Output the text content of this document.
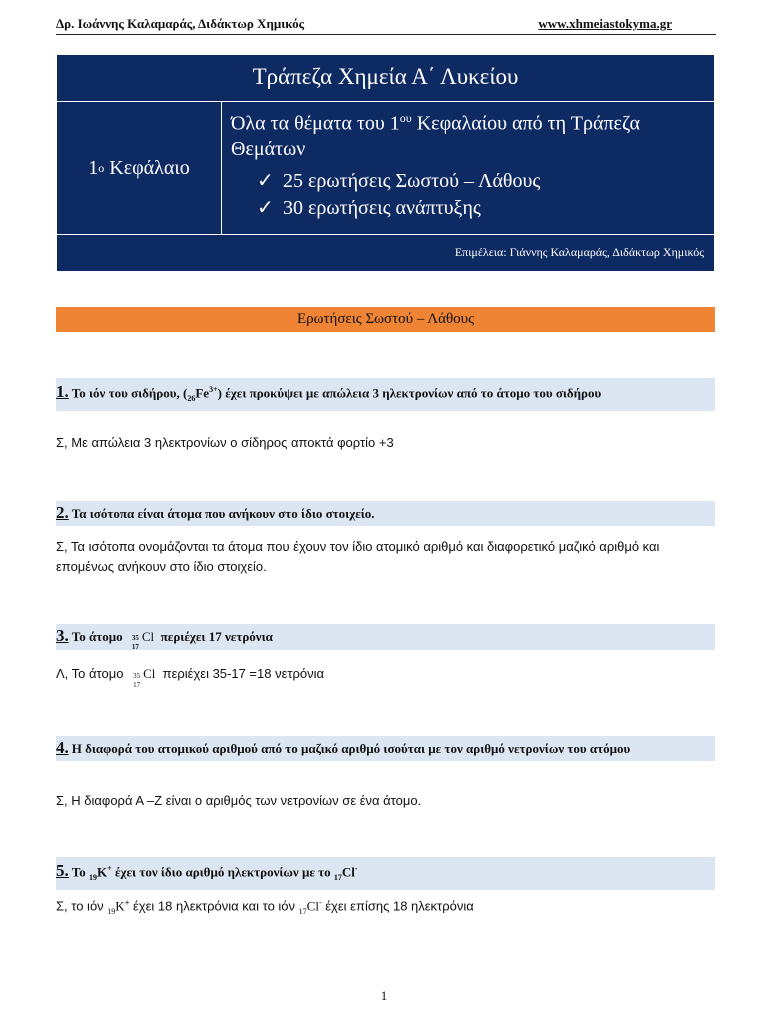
Δρ. Ιωάννης Καλαμαράς, Διδάκτωρ Χημικός	www.xhmeiastokyma.gr
Τράπεζα Χημεία Α΄ Λυκείου
1 ο
Κεφάλαιο

Όλα τα θέματα του $1^{o\upsilon}$ Κεφαλαίου από τη Τράπεζα Θεμάτων

✓ 25 ερωτήσεις Σωστού – Λάθους
✓ 30 ερωτήσεις ανάπτυξης
Επιμέλεια: Γιάννης Καλαμαράς, Διδάκτωρ Χημικός
Ερωτήσεις Σωστού – Λάθους
1. Το ιόν του σιδήρου, $(_{26}Fe^{3+})$ έχει προκύψει με απώλεια 3 ηλεκτρονίων από το άτομο του σιδήρου
Σ, Με απώλεια 3 ηλεκτρονίων ο σίδηρος αποκτά φορτίο +3
2. Τα ισότοπα είναι άτομα που ανήκουν στο ίδιο στοιχείο.
Σ, Τα ισότοπα ονομάζονται τα άτομα που έχουν τον ίδιο ατομικό αριθμό και διαφορετικό μαζικό αριθμό και επομένως ανήκουν στο ίδιο στοιχείο.
3. Το άτομο 35
17
Cl περιέχει 17 νετρόνια
Λ, Το άτομο 35
17
Cl περιέχει 35-17 =18 νετρόνια
4. Η διαφορά του ατομικού αριθμού από το μαζικό αριθμό ισούται με τον αριθμό νετρονίων του ατόμου
Σ, Η διαφορά Α –Ζ είναι ο αριθμός των νετρονίων σε ένα άτομο.
5. Το $_{19}$K+ έχει τον ίδιο αριθμό ηλεκτρονίων με το $_{17}$Cl-
Σ, το ιόν $_{19}$K+ έχει 18 ηλεκτρόνια και το ιόν $_{17}$Cl- έχει επίσης 18 ηλεκτρόνια
1
